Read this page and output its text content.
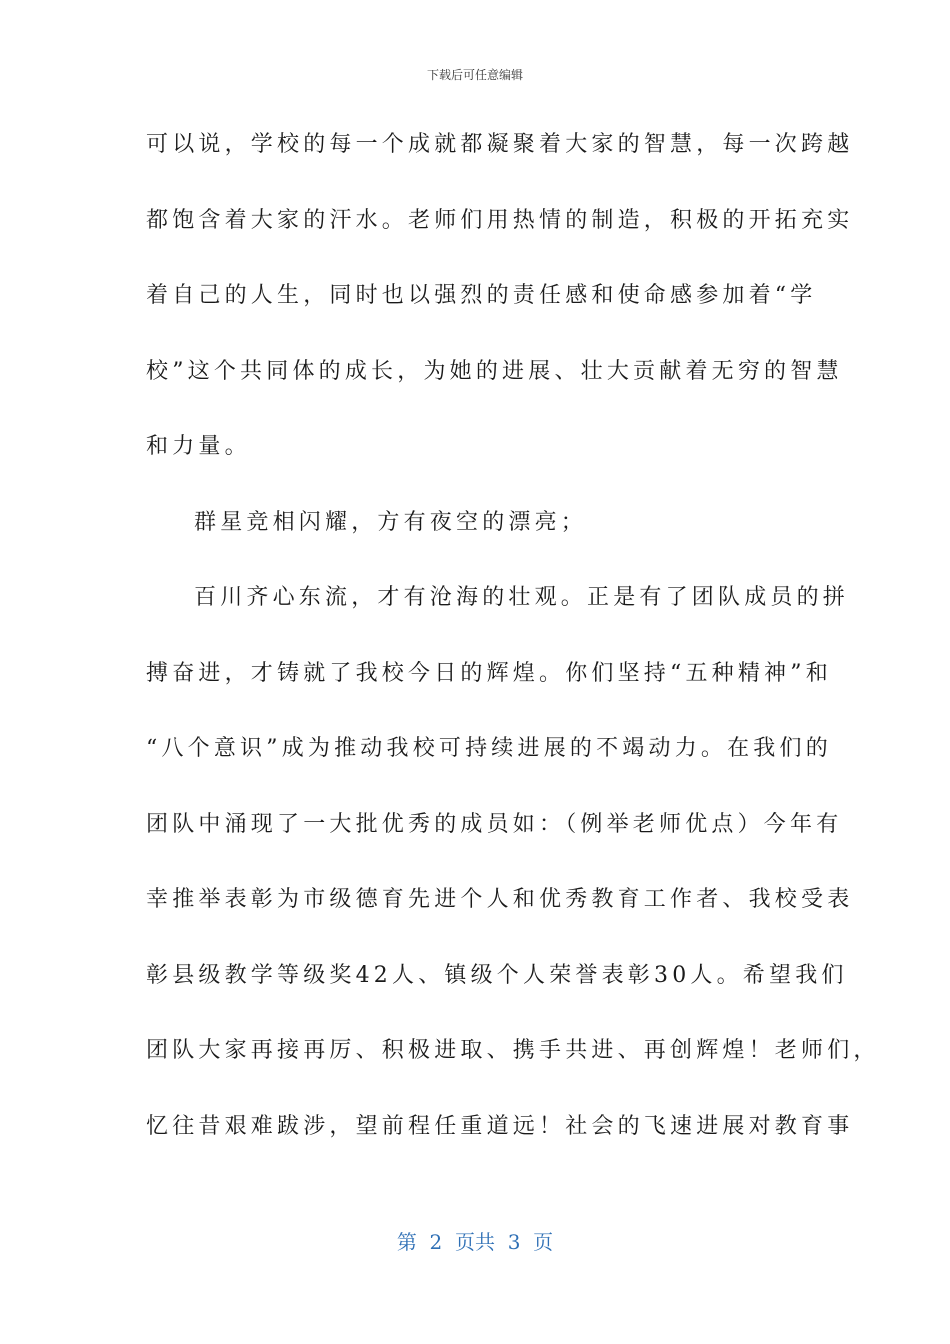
下载后可任意编辑
可以说，学校的每一个成就都凝聚着大家的智慧，每一次跨越
都饱含着大家的汗水。老师们用热情的制造，积极的开拓充实
着自己的人生，同时也以强烈的责任感和使命感参加着“学
校”这个共同体的成长，为她的进展、壮大贡献着无穷的智慧
和力量。
群星竞相闪耀，方有夜空的漂亮；
百川齐心东流，才有沧海的壮观。正是有了团队成员的拼
搏奋进，才铸就了我校今日的辉煌。你们坚持“五种精神”和
“八个意识”成为推动我校可持续进展的不竭动力。在我们的
团队中涌现了一大批优秀的成员如：（例举老师优点）今年有
幸推举表彰为市级德育先进个人和优秀教育工作者、我校受表
彰县级教学等级奖42人、镇级个人荣誉表彰30人。希望我们
团队大家再接再厉、积极进取、携手共进、再创辉煌！老师们，
忆往昔艰难跋涉，望前程任重道远！社会的飞速进展对教育事
第  2  页共  3  页
